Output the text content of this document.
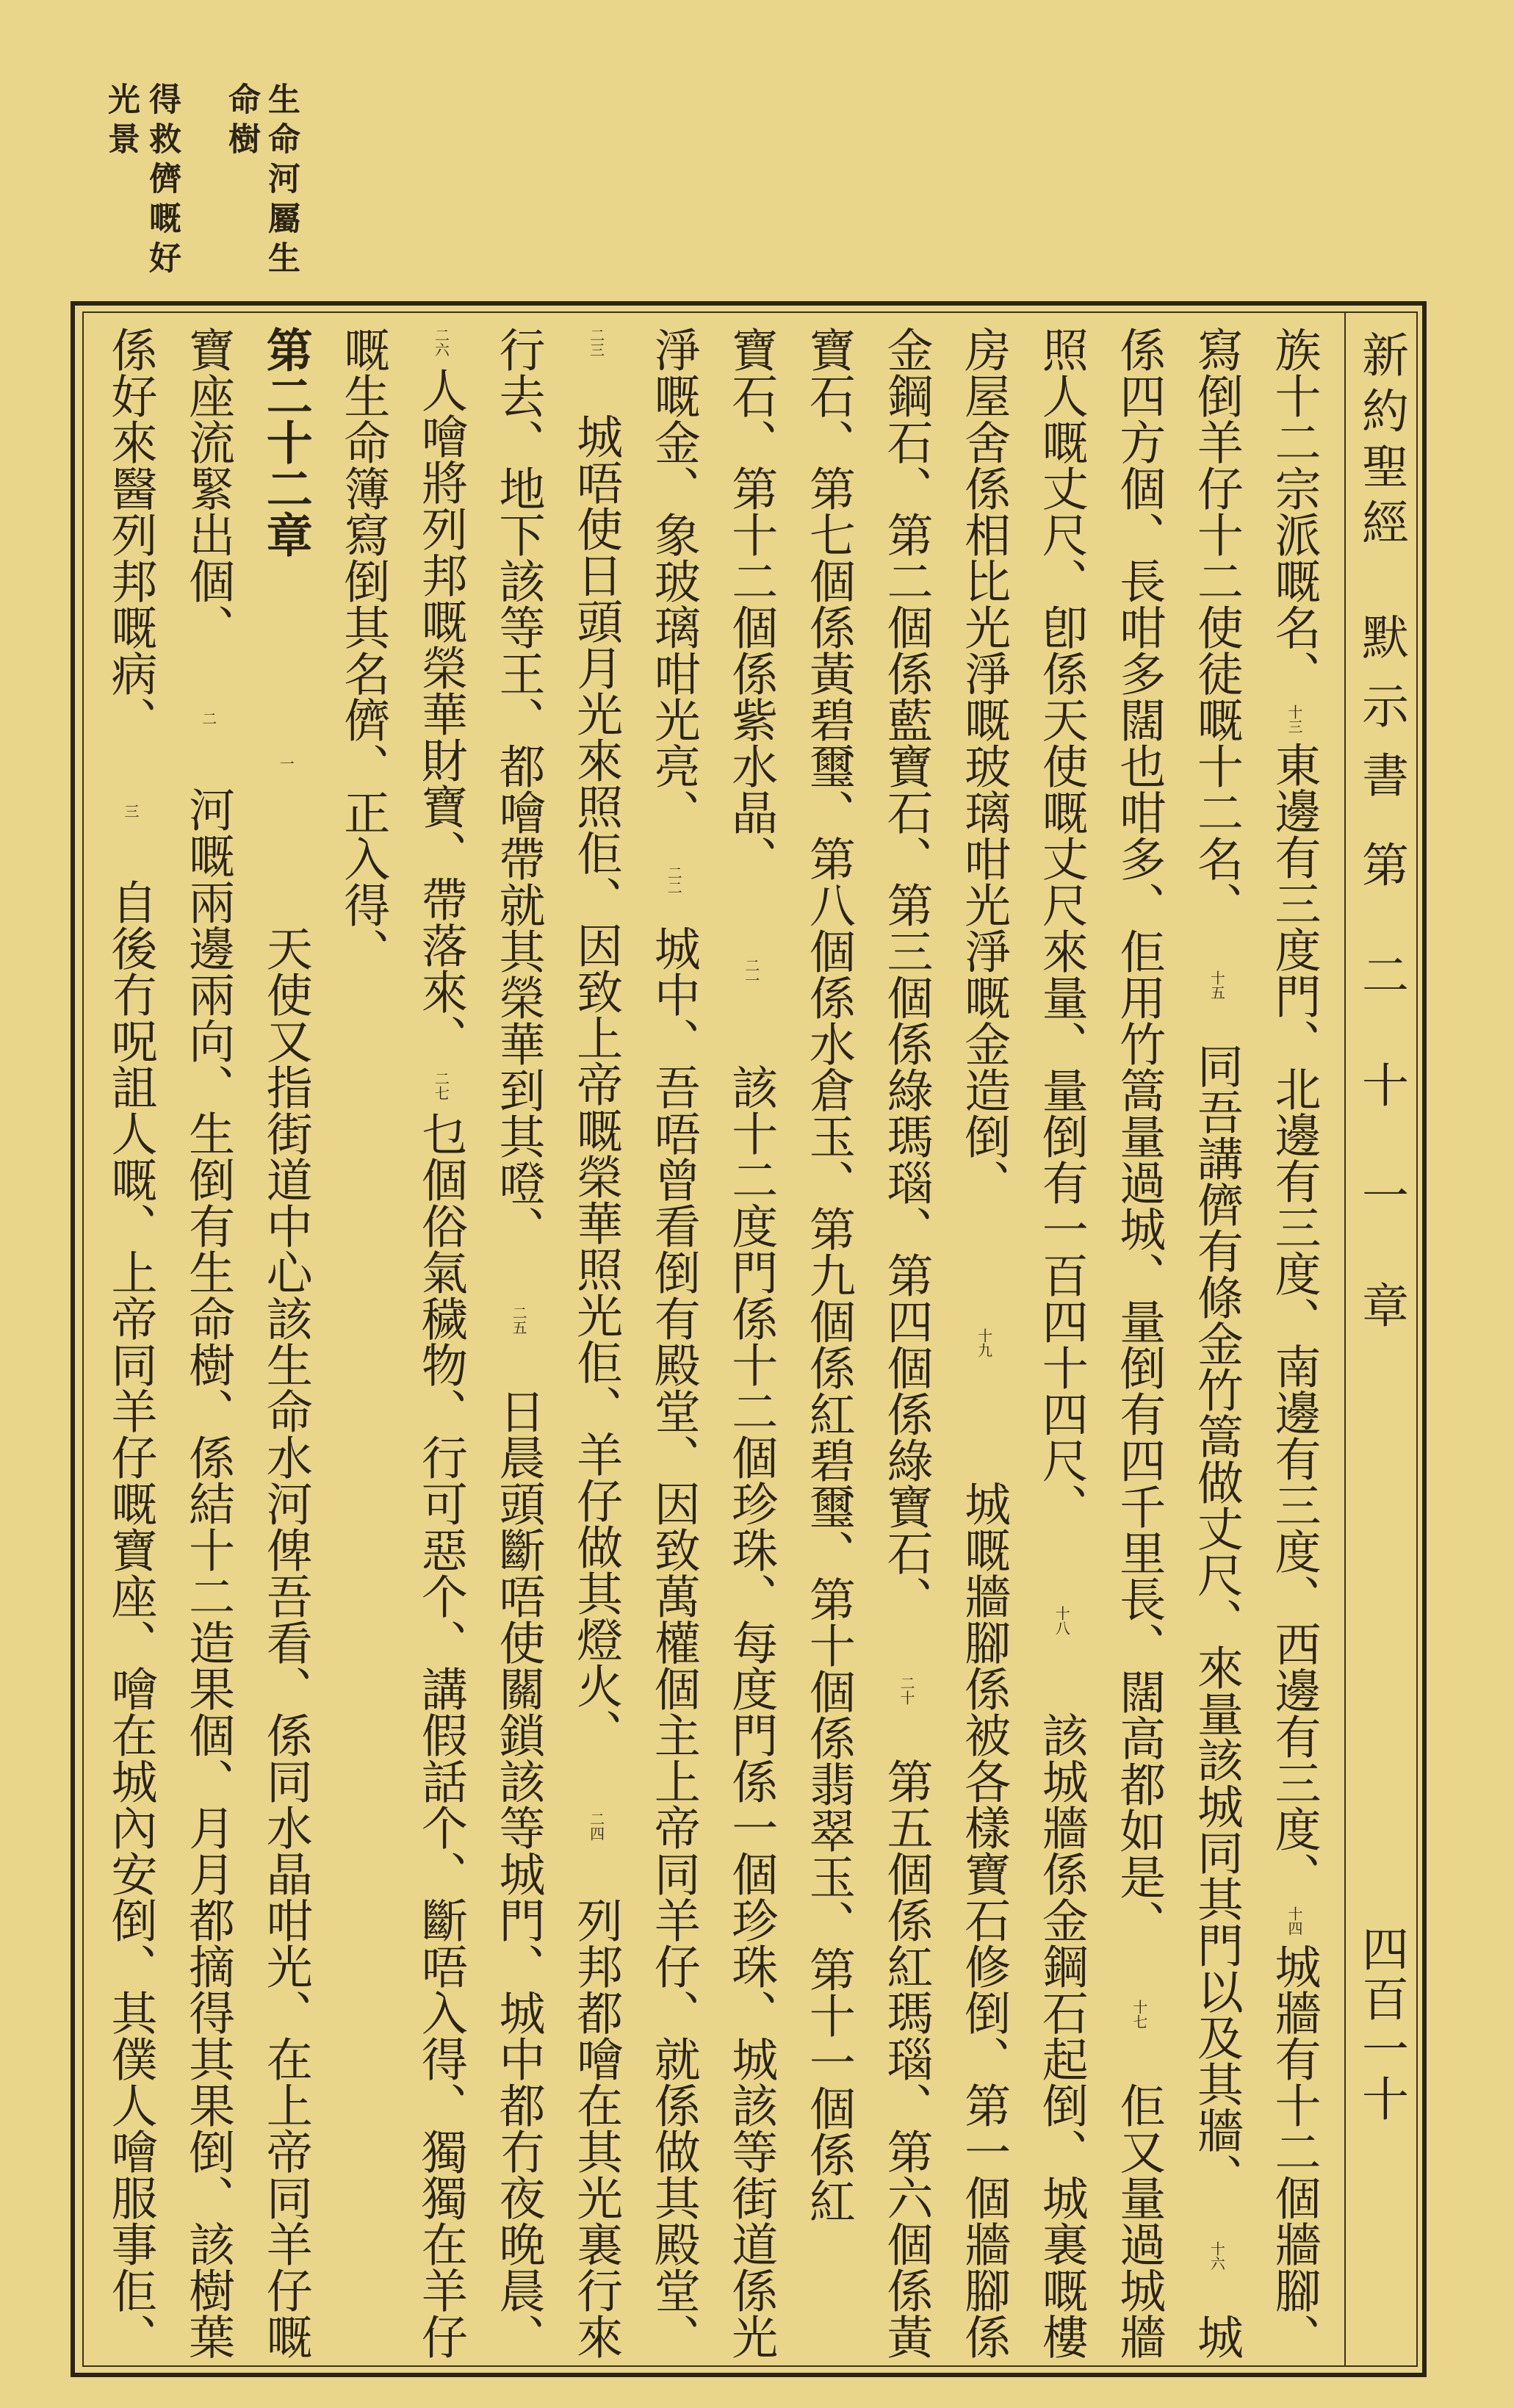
生命河屬生
命樹
得救儕嘅好
光景
新約聖經
默示書
第二十一章
四百一十
族十二宗派嘅名、
十三
東邊有三度門、北邊有三度、南邊有三度、西邊有三度、
十四
城牆有十二個牆腳、
寫倒羊仔十二使徒嘅十二名、
十五
同吾講儕有條金竹篙做丈尺、來量該城同其門以及其牆、
十六
城
係四方個、長咁多闊也咁多、佢用竹篙量過城、量倒有四千里長、闊高都如是、
十七
佢又量過城牆
照人嘅丈尺、卽係天使嘅丈尺來量、量倒有一百四十四尺、
十八
該城牆係金鋼石起倒、城裏嘅樓
房屋舍係相比光淨嘅玻璃咁光淨嘅金造倒、
十九
城嘅牆腳係被各樣寶石修倒、第一個牆腳係
金鋼石、第二個係藍寶石、第三個係綠瑪瑙、第四個係綠寶石、
二十
第五個係紅瑪瑙、第六個係黃
寶石、第七個係黃碧璽、第八個係水倉玉、第九個係紅碧璽、第十個係翡翠玉、第十一個係紅
寶石、第十二個係紫水晶、
二一
該十二度門係十二個珍珠、每度門係一個珍珠、城該等街道係光
淨嘅金、象玻璃咁光亮、
二二
城中、吾唔曾看倒有殿堂、因致萬權個主上帝同羊仔、就係做其殿堂、
二三
城唔使日頭月光來照佢、因致上帝嘅榮華照光佢、羊仔做其燈火、
二四
列邦都噲在其光裏行來
行去、地下該等王、都噲帶就其榮華到其噔、
二五
日晨頭斷唔使關鎖該等城門、城中都冇夜晚晨、
二六
人噲將列邦嘅榮華財寶、帶落來、
二七
乜個俗氣穢物、行可惡个、講假話个、斷唔入得、獨獨在羊仔
嘅生命簿寫倒其名儕、正入得、
第二十二章
一
天使又指街道中心該生命水河俾吾看、係同水晶咁光、在上帝同羊仔嘅
寶座流緊出個、
二
河嘅兩邊兩向、生倒有生命樹、係結十二造果個、月月都摘得其果倒、該樹葉
係好來醫列邦嘅病、
三
自後冇呪詛人嘅、上帝同羊仔嘅寶座、噲在城內安倒、其僕人噲服事佢、
